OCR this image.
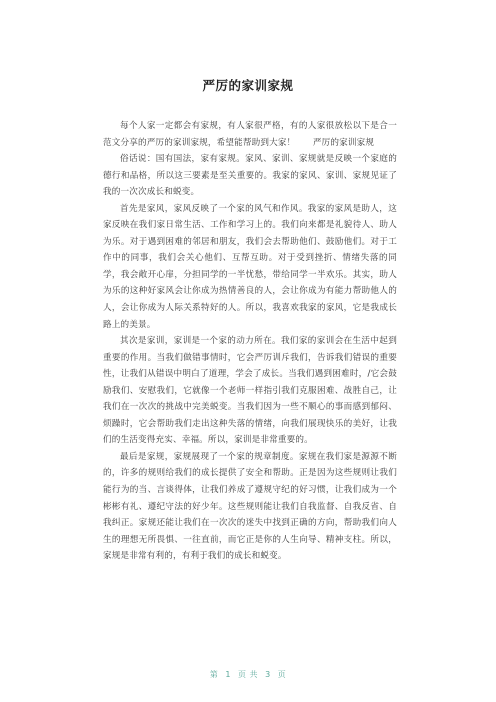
严厉的家训家规

每个人家一定都会有家规，有人家很严格，有的人家很放松以下是合一范文分享的严厉的家训家规，希望能帮助到大家！　　严厉的家训家规

俗话说：国有国法，家有家规。家风、家训、家规就是反映一个家庭的德行和品格，所以这三要素是至关重要的。我家的家风、家训、家规见证了我的一次次成长和蜕变。

首先是家风，家风反映了一个家的风气和作风。我家的家风是助人，这家反映在我们家日常生活、工作和学习上的。我们向来都是礼貌待人、助人为乐。对于遇到困难的邻居和朋友，我们会去帮助他们、鼓励他们。对于工作中的同事，我们会关心他们、互帮互助。对于受到挫折、情绪失落的同学，我会敞开心扉，分担同学的一半忧愁，带给同学一半欢乐。其实，助人为乐的这种好家风会让你成为热情善良的人，会让你成为有能力帮助他人的人，会让你成为人际关系特好的人。所以，我喜欢我家的家风，它是我成长路上的美景。

其次是家训，家训是一个家的动力所在。我们家的家训会在生活中起到重要的作用。当我们做错事情时，它会严厉训斥我们，告诉我们错误的重要性，让我们从错误中明白了道理，学会了成长。当我们遇到困难时，/它会鼓励我们、安慰我们，它就像一个老师一样指引我们克服困难、战胜自己，让我们在一次次的挑战中完美蜕变。当我们因为一些不顺心的事而感到郁闷、烦躁时，它会帮助我们走出这种失落的情绪，向我们展现快乐的美好，让我们的生活变得充实、幸福。所以，家训是非常重要的。

最后是家规，家规展现了一个家的规章制度。家规在我们家是源源不断的，许多的规则给我们的成长提供了安全和帮助。正是因为这些规则让我们能行为的当、言谈得体，让我们养成了遵规守纪的好习惯，让我们成为一个彬彬有礼、遵纪守法的好少年。这些规则能让我们自我监督、自我反省、自我纠正。家规还能让我们在一次次的迷失中找到正确的方向，帮助我们向人生的理想无所畏惧、一往直前，而它正是你的人生向导、精神支柱。所以，家规是非常有利的，有利于我们的成长和蜕变。

第 1 页 共 3 页
